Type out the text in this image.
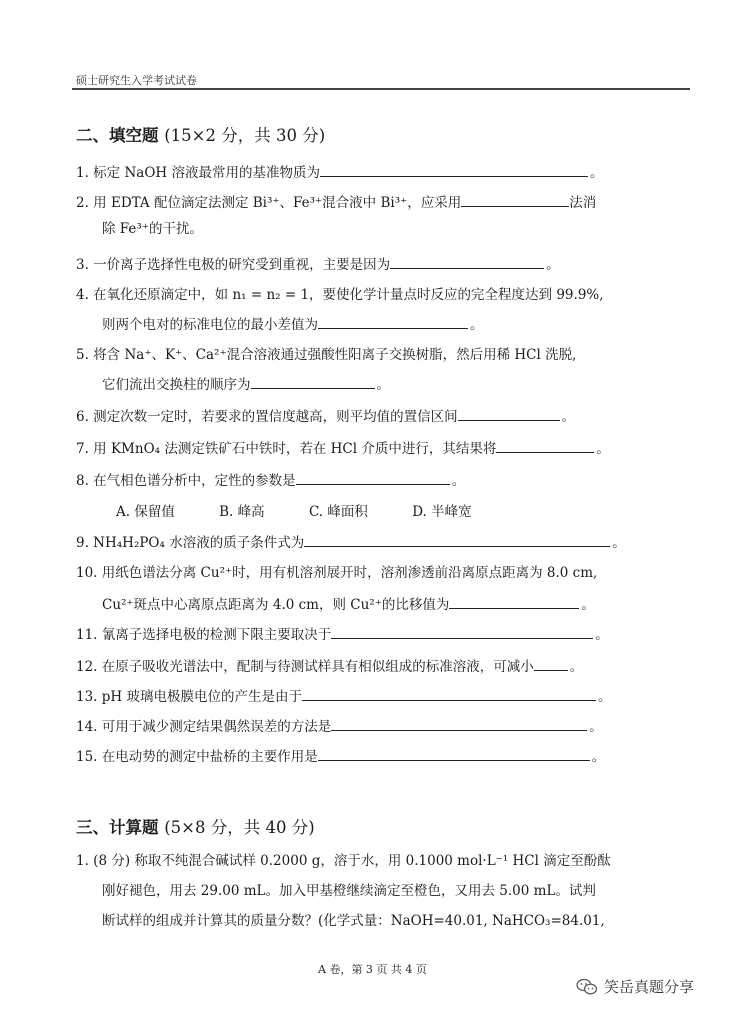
硕士研究生入学考试试卷
二、填空题 (15×2 分，共 30 分)
1. 标定 NaOH 溶液最常用的基准物质为	。
2. 用 EDTA 配位滴定法测定 Bi³⁺、Fe³⁺混合液中 Bi³⁺，应采用	法消
除 Fe³⁺的干扰。
3. 一价离子选择性电极的研究受到重视，主要是因为	。
4. 在氧化还原滴定中，如 n₁ = n₂ = 1，要使化学计量点时反应的完全程度达到 99.9%,
则两个电对的标准电位的最小差值为	。
5. 将含 Na⁺、K⁺、Ca²⁺混合溶液通过强酸性阳离子交换树脂，然后用稀 HCl 洗脱,
它们流出交换柱的顺序为	。
6. 测定次数一定时，若要求的置信度越高，则平均值的置信区间	。
7. 用 KMnO₄ 法测定铁矿石中铁时，若在 HCl 介质中进行，其结果将	。
8. 在气相色谱分析中，定性的参数是	。
A. 保留值	B. 峰高	C. 峰面积	D. 半峰宽
9. NH₄H₂PO₄ 水溶液的质子条件式为	。
10. 用纸色谱法分离 Cu²⁺时，用有机溶剂展开时，溶剂渗透前沿离原点距离为 8.0 cm,
Cu²⁺斑点中心离原点距离为 4.0 cm，则 Cu²⁺的比移值为	。
11. 氰离子选择电极的检测下限主要取决于	。
12. 在原子吸收光谱法中，配制与待测试样具有相似组成的标准溶液，可减小	。
13. pH 玻璃电极膜电位的产生是由于	。
14. 可用于减少测定结果偶然误差的方法是	。
15. 在电动势的测定中盐桥的主要作用是	。
三、计算题 (5×8 分，共 40 分)
1. (8 分) 称取不纯混合碱试样 0.2000 g，溶于水，用 0.1000 mol·L⁻¹ HCl 滴定至酚酞
刚好褪色，用去 29.00 mL。加入甲基橙继续滴定至橙色，又用去 5.00 mL。试判
断试样的组成并计算其的质量分数？(化学式量：NaOH=40.01, NaHCO₃=84.01,
A 卷，第 3 页 共 4 页
笑岳真题分享
